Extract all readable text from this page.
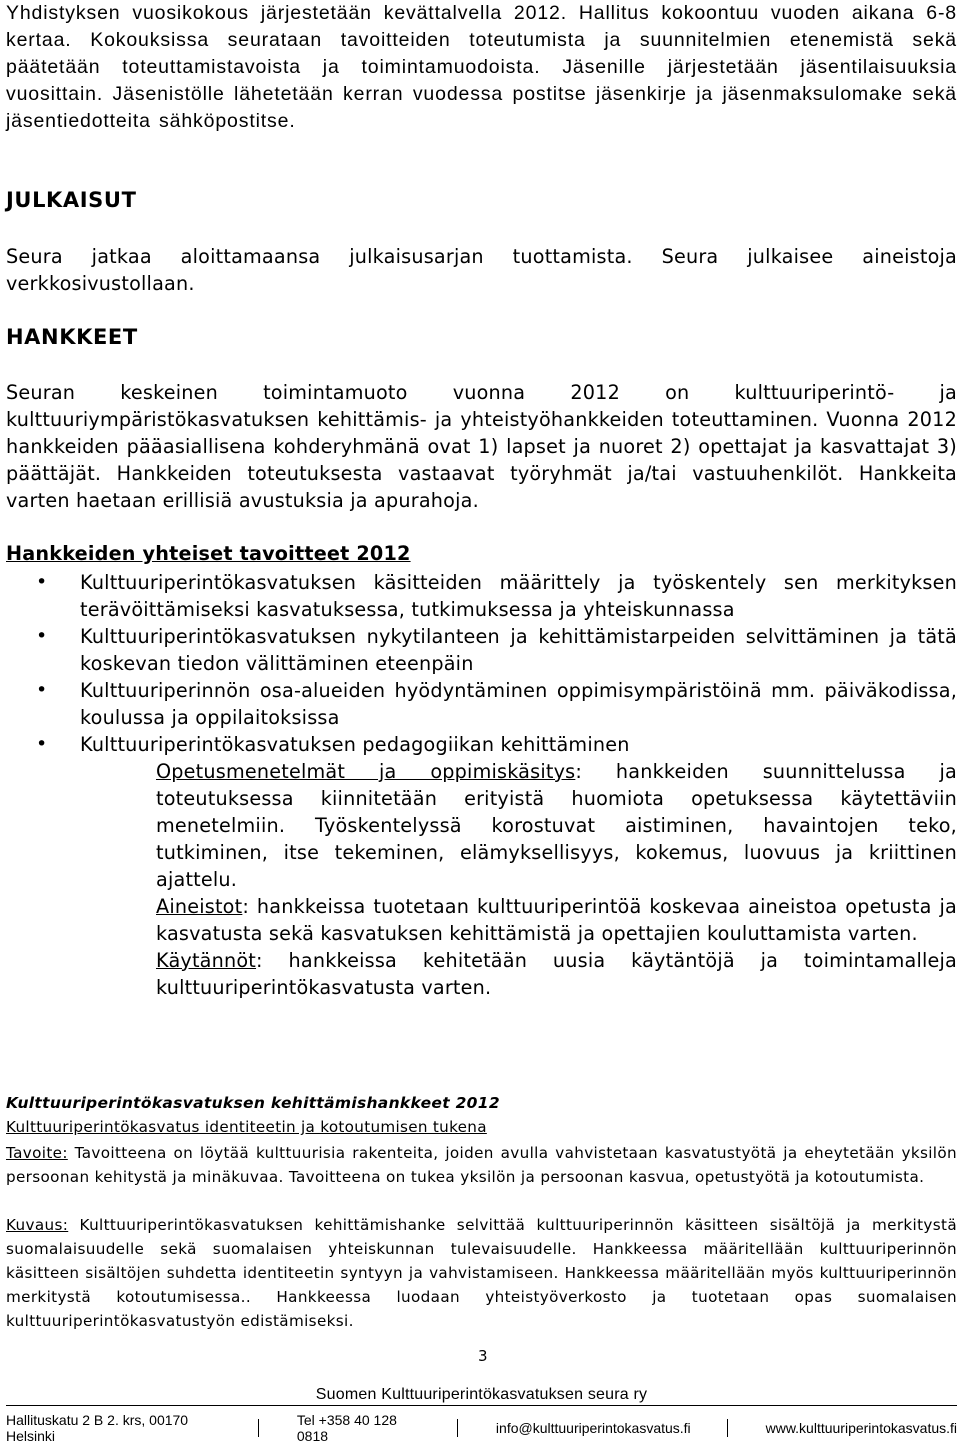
Yhdistyksen vuosikokous järjestetään kevättalvella 2012. Hallitus kokoontuu vuoden aikana 6-8 kertaa. Kokouksissa seurataan tavoitteiden toteutumista ja suunnitelmien etenemistä sekä päätetään toteuttamistavoista ja toimintamuodoista. Jäsenille järjestetään jäsentilaisuuksia vuosittain. Jäsenistölle lähetetään kerran vuodessa postitse jäsenkirje ja jäsenmaksulomake sekä jäsentiedotteita sähköpostitse.

JULKAISUT

Seura jatkaa aloittamaansa julkaisusarjan tuottamista. Seura julkaisee aineistoja verkkosivustollaan.

HANKKEET

Seuran keskeinen toimintamuoto vuonna 2012 on kulttuuriperintö- ja kulttuuriympäristökasvatuksen kehittämis- ja yhteistyöhankkeiden toteuttaminen. Vuonna 2012 hankkeiden pääasiallisena kohderyhmänä ovat 1) lapset ja nuoret 2) opettajat ja kasvattajat 3) päättäjät. Hankkeiden toteutuksesta vastaavat työryhmät ja/tai vastuuhenkilöt. Hankkeita varten haetaan erillisiä avustuksia ja apurahoja.

Hankkeiden yhteiset tavoitteet 2012
• Kulttuuriperintökasvatuksen käsitteiden määrittely ja työskentely sen merkityksen terävöittämiseksi kasvatuksessa, tutkimuksessa ja yhteiskunnassa
• Kulttuuriperintökasvatuksen nykytilanteen ja kehittämistarpeiden selvittäminen ja tätä koskevan tiedon välittäminen eteenpäin
• Kulttuuriperinnön osa-alueiden hyödyntäminen oppimisympäristöinä mm. päiväkodissa, koulussa ja oppilaitoksissa
• Kulttuuriperintökasvatuksen pedagogiikan kehittäminen
Opetusmenetelmät ja oppimiskäsitys: hankkeiden suunnittelussa ja toteutuksessa kiinnitetään erityistä huomiota opetuksessa käytettäviin menetelmiin. Työskentelyssä korostuvat aistiminen, havaintojen teko, tutkiminen, itse tekeminen, elämyksellisyys, kokemus, luovuus ja kriittinen ajattelu.
Aineistot: hankkeissa tuotetaan kulttuuriperintöä koskevaa aineistoa opetusta ja kasvatusta sekä kasvatuksen kehittämistä ja opettajien kouluttamista varten.
Käytännöt: hankkeissa kehitetään uusia käytäntöjä ja toimintamalleja kulttuuriperintökasvatusta varten.
Kulttuuriperintökasvatuksen kehittämishankkeet 2012
Kulttuuriperintökasvatus identiteetin ja kotoutumisen tukena

Tavoite: Tavoitteena on löytää kulttuurisia rakenteita, joiden avulla vahvistetaan kasvatustyötä ja eheytetään yksilön persoonan kehitystä ja minäkuvaa. Tavoitteena on tukea yksilön ja persoonan kasvua, opetustyötä ja kotoutumista.

Kuvaus: Kulttuuriperintökasvatuksen kehittämishanke selvittää kulttuuriperinnön käsitteen sisältöjä ja merkitystä suomalaisuudelle sekä suomalaisen yhteiskunnan tulevaisuudelle. Hankkeessa määritellään kulttuuriperinnön käsitteen sisältöjen suhdetta identiteetin syntyyn ja vahvistamiseen. Hankkeessa määritellään myös kulttuuriperinnön merkitystä kotoutumisessa.. Hankkeessa luodaan yhteistyöverkosto ja tuotetaan opas suomalaisen kulttuuriperintökasvatustyön edistämiseksi.

3
Suomen Kulttuuriperintökasvatuksen seura ry
Hallituskatu 2 B 2. krs, 00170 Helsinki
Tel +358 40 128 0818	info@kulttuuriperintokasvatus.fi	www.kulttuuriperintokasvatus.fi
